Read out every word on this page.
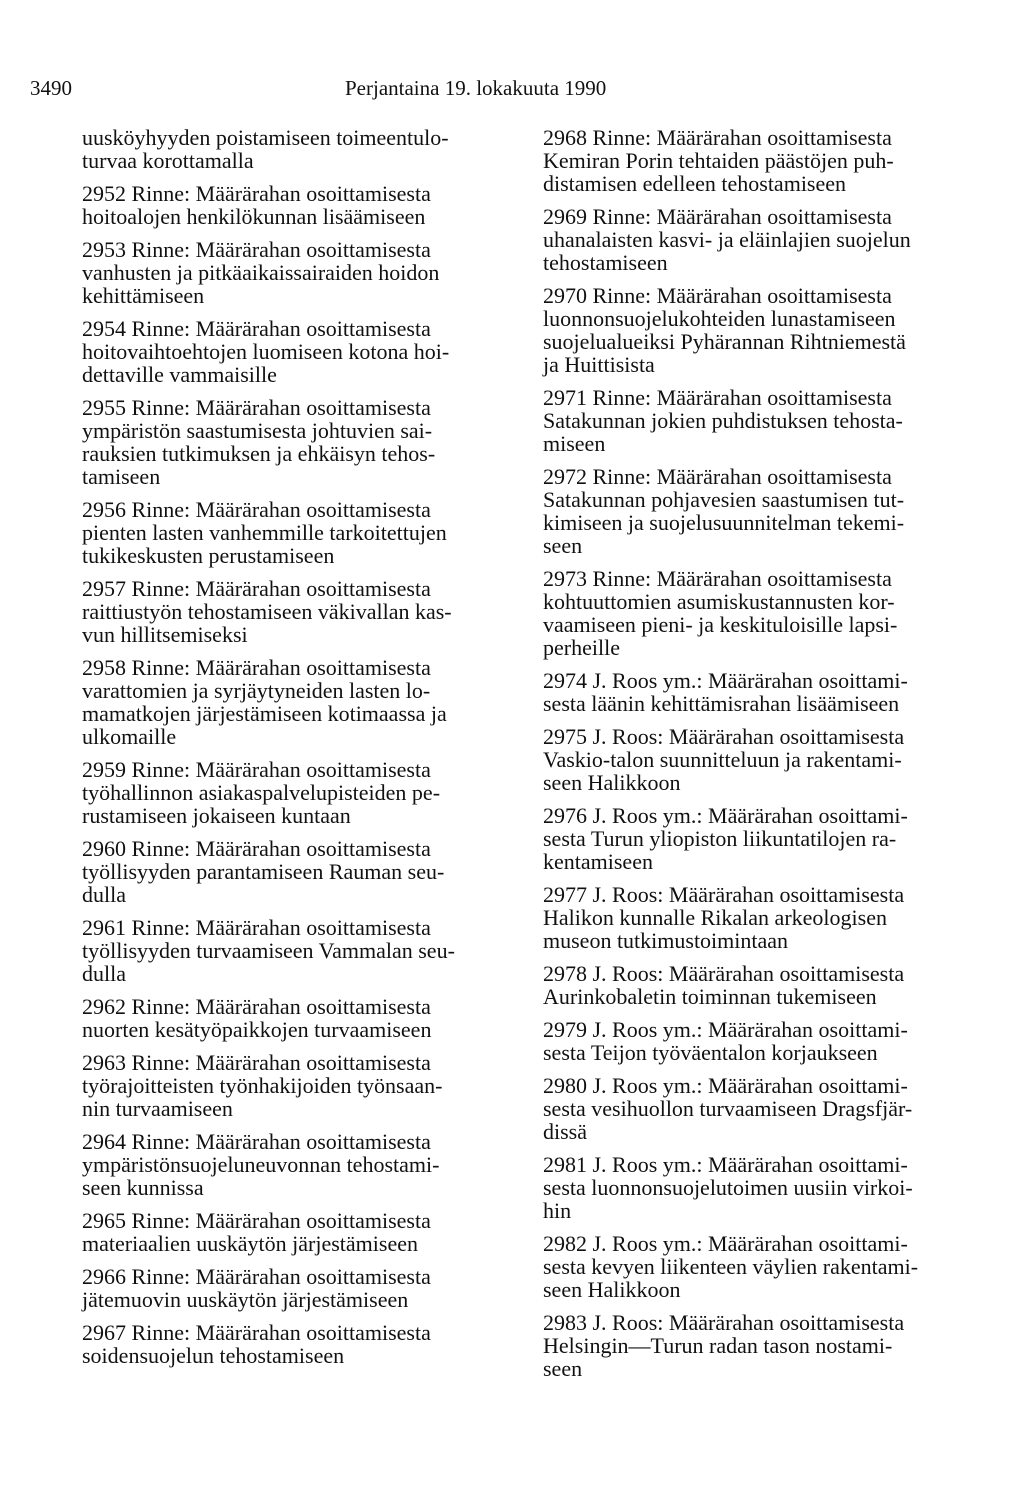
3490	Perjantaina 19. lokakuuta 1990

uusköyhyyden poistamiseen toimeentulo-
turvaa korottamalla

2952 Rinne: Määrärahan osoittamisesta
hoitoalojen henkilökunnan lisäämiseen

2953 Rinne: Määrärahan osoittamisesta
vanhusten ja pitkäaikaissairaiden hoidon
kehittämiseen

2954 Rinne: Määrärahan osoittamisesta
hoitovaihtoehtojen luomiseen kotona hoi-
dettaville vammaisille

2955 Rinne: Määrärahan osoittamisesta
ympäristön saastumisesta johtuvien sai-
rauksien tutkimuksen ja ehkäisyn tehos-
tamiseen

2956 Rinne: Määrärahan osoittamisesta
pienten lasten vanhemmille tarkoitettujen
tukikeskusten perustamiseen

2957 Rinne: Määrärahan osoittamisesta
raittiustyön tehostamiseen väkivallan kas-
vun hillitsemiseksi

2958 Rinne: Määrärahan osoittamisesta
varattomien ja syrjäytyneiden lasten lo-
mamatkojen järjestämiseen kotimaassa ja
ulkomaille

2959 Rinne: Määrärahan osoittamisesta
työhallinnon asiakaspalvelupisteiden pe-
rustamiseen jokaiseen kuntaan

2960 Rinne: Määrärahan osoittamisesta
työllisyyden parantamiseen Rauman seu-
dulla

2961 Rinne: Määrärahan osoittamisesta
työllisyyden turvaamiseen Vammalan seu-
dulla

2962 Rinne: Määrärahan osoittamisesta
nuorten kesätyöpaikkojen turvaamiseen

2963 Rinne: Määrärahan osoittamisesta
työrajoitteisten työnhakijoiden työnsaan-
nin turvaamiseen

2964 Rinne: Määrärahan osoittamisesta
ympäristönsuojeluneuvonnan tehostami-
seen kunnissa

2965 Rinne: Määrärahan osoittamisesta
materiaalien uuskäytön järjestämiseen

2966 Rinne: Määrärahan osoittamisesta
jätemuovin uuskäytön järjestämiseen

2967 Rinne: Määrärahan osoittamisesta
soidensuojelun tehostamiseen

2968 Rinne: Määrärahan osoittamisesta
Kemiran Porin tehtaiden päästöjen puh-
distamisen edelleen tehostamiseen

2969 Rinne: Määrärahan osoittamisesta
uhanalaisten kasvi- ja eläinlajien suojelun
tehostamiseen

2970 Rinne: Määrärahan osoittamisesta
luonnonsuojelukohteiden lunastamiseen
suojelualueiksi Pyhärannan Rihtniemestä
ja Huittisista

2971 Rinne: Määrärahan osoittamisesta
Satakunnan jokien puhdistuksen tehosta-
miseen

2972 Rinne: Määrärahan osoittamisesta
Satakunnan pohjavesien saastumisen tut-
kimiseen ja suojelusuunnitelman tekemi-
seen

2973 Rinne: Määrärahan osoittamisesta
kohtuuttomien asumiskustannusten kor-
vaamiseen pieni- ja keskituloisille lapsi-
perheille

2974 J. Roos ym.: Määrärahan osoittami-
sesta läänin kehittämisrahan lisäämiseen

2975 J. Roos: Määrärahan osoittamisesta
Vaskio-talon suunnitteluun ja rakentami-
seen Halikkoon

2976 J. Roos ym.: Määrärahan osoittami-
sesta Turun yliopiston liikuntatilojen ra-
kentamiseen

2977 J. Roos: Määrärahan osoittamisesta
Halikon kunnalle Rikalan arkeologisen
museon tutkimustoimintaan

2978 J. Roos: Määrärahan osoittamisesta
Aurinkobaletin toiminnan tukemiseen

2979 J. Roos ym.: Määrärahan osoittami-
sesta Teijon työväentalon korjaukseen

2980 J. Roos ym.: Määrärahan osoittami-
sesta vesihuollon turvaamiseen Dragsfjär-
dissä

2981 J. Roos ym.: Määrärahan osoittami-
sesta luonnonsuojelutoimen uusiin virkoi-
hin

2982 J. Roos ym.: Määrärahan osoittami-
sesta kevyen liikenteen väylien rakentami-
seen Halikkoon

2983 J. Roos: Määrärahan osoittamisesta
Helsingin—Turun radan tason nostami-
seen
